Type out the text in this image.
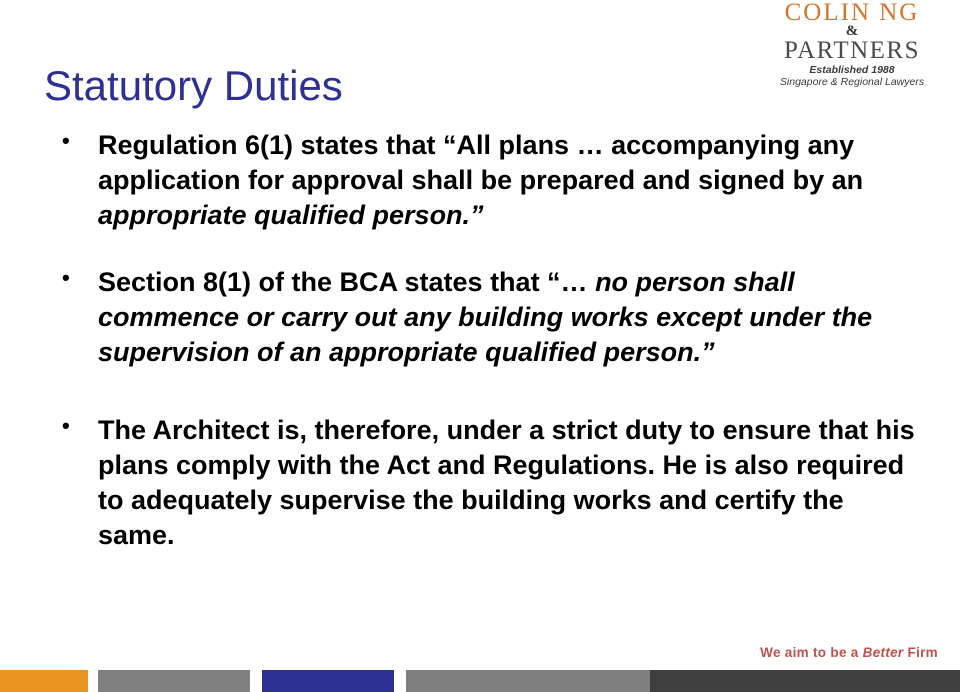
COLIN NG
&
PARTNERS
Established 1988
Singapore & Regional Lawyers
Statutory Duties

• Regulation 6(1) states that “All plans … accompanying any application for approval shall be prepared and signed by an appropriate qualified person.”

• Section 8(1) of the BCA states that “… no person shall commence or carry out any building works except under the supervision of an appropriate qualified person.”

• The Architect is, therefore, under a strict duty to ensure that his plans comply with the Act and Regulations. He is also required to adequately supervise the building works and certify the same.

We aim to be a Better Firm
